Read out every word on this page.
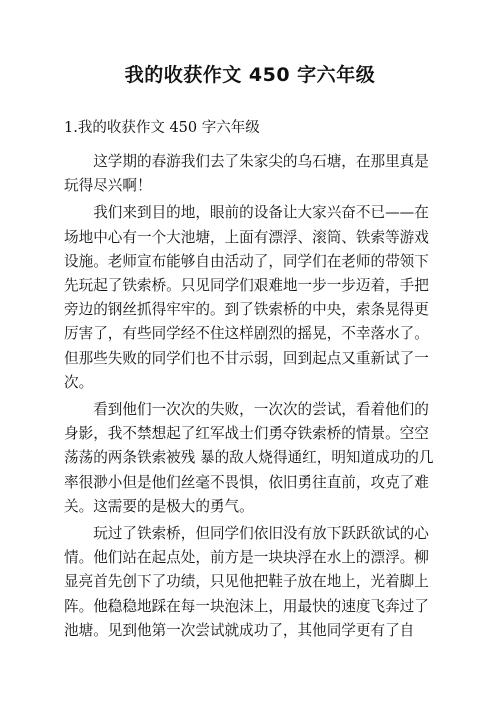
我的收获作文 450 字六年级
1.我的收获作文 450 字六年级

这学期的春游我们去了朱家尖的乌石塘，在那里真是玩得尽兴啊！

我们来到目的地，眼前的设备让大家兴奋不已——在场地中心有一个大池塘，上面有漂浮、滚筒、铁索等游戏设施。老师宣布能够自由活动了，同学们在老师的带领下先玩起了铁索桥。只见同学们艰难地一步一步迈着，手把旁边的钢丝抓得牢牢的。到了铁索桥的中央，索条晃得更厉害了，有些同学经不住这样剧烈的摇晃，不幸落水了。但那些失败的同学们也不甘示弱，回到起点又重新试了一次。

看到他们一次次的失败，一次次的尝试，看着他们的身影，我不禁想起了红军战士们勇夺铁索桥的情景。空空荡荡的两条铁索被残 暴的敌人烧得通红，明知道成功的几率很渺小但是他们丝毫不畏惧，依旧勇往直前，攻克了难关。这需要的是极大的勇气。

玩过了铁索桥，但同学们依旧没有放下跃跃欲试的心情。他们站在起点处，前方是一块块浮在水上的漂浮。柳显亮首先创下了功绩，只见他把鞋子放在地上，光着脚上阵。他稳稳地踩在每一块泡沫上，用最快的速度飞奔过了池塘。见到他第一次尝试就成功了，其他同学更有了自
